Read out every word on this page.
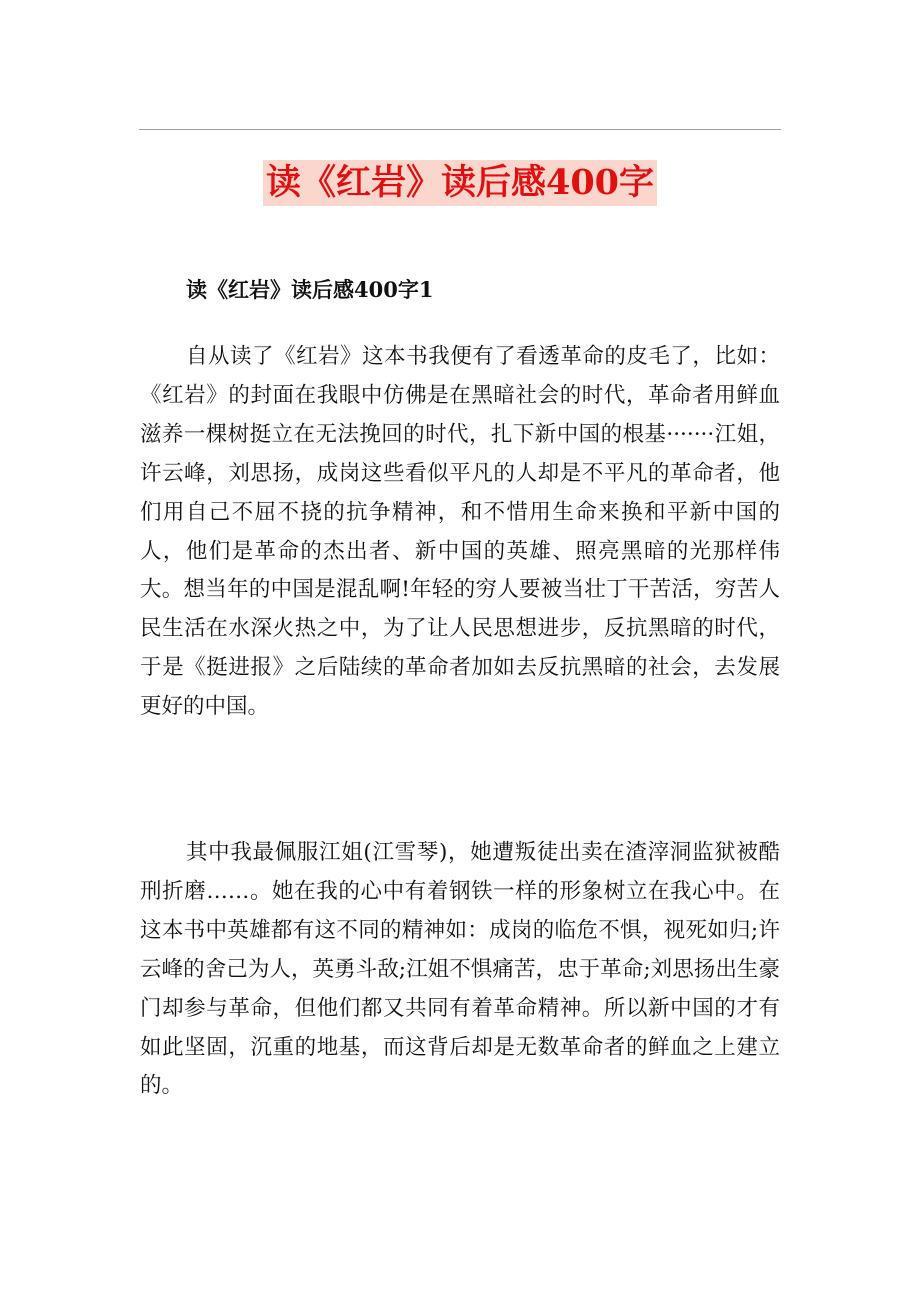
读《红岩》读后感400字
读《红岩》读后感400字1

自从读了《红岩》这本书我便有了看透革命的皮毛了，比如：《红岩》的封面在我眼中仿佛是在黑暗社会的时代，革命者用鲜血滋养一棵树挺立在无法挽回的时代，扎下新中国的根基·······江姐，许云峰，刘思扬，成岗这些看似平凡的人却是不平凡的革命者，他们用自己不屈不挠的抗争精神，和不惜用生命来换和平新中国的人，他们是革命的杰出者、新中国的英雄、照亮黑暗的光那样伟大。想当年的中国是混乱啊!年轻的穷人要被当壮丁干苦活，穷苦人民生活在水深火热之中，为了让人民思想进步，反抗黑暗的时代，于是《挺进报》之后陆续的革命者加如去反抗黑暗的社会，去发展更好的中国。

其中我最佩服江姐(江雪琴)，她遭叛徒出卖在渣滓洞监狱被酷刑折磨……。她在我的心中有着钢铁一样的形象树立在我心中。在这本书中英雄都有这不同的精神如：成岗的临危不惧，视死如归;许云峰的舍己为人，英勇斗敌;江姐不惧痛苦，忠于革命;刘思扬出生豪门却参与革命，但他们都又共同有着革命精神。所以新中国的才有如此坚固，沉重的地基，而这背后却是无数革命者的鲜血之上建立的。
